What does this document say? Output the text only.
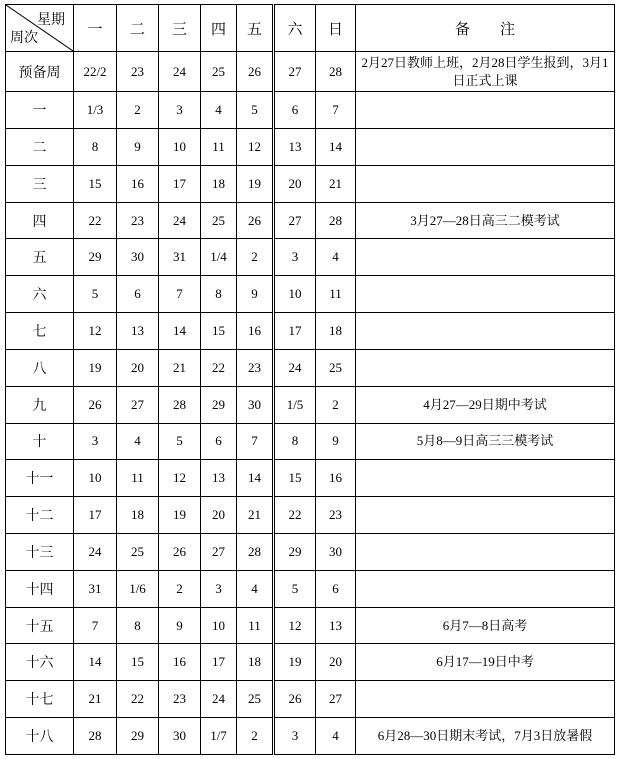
星期
周次	一	二	三	四	五	六	日	备　　注
预备周	22/2	23	24	25	26	27	28	2月27日教师上班，2月28日学生报到，3月1日正式上课
一	1/3	2	3	4	5	6	7	
二	8	9	10	11	12	13	14	
三	15	16	17	18	19	20	21	
四	22	23	24	25	26	27	28	3月27—28日高三二模考试
五	29	30	31	1/4	2	3	4	
六	5	6	7	8	9	10	11	
七	12	13	14	15	16	17	18	
八	19	20	21	22	23	24	25	
九	26	27	28	29	30	1/5	2	4月27—29日期中考试
十	3	4	5	6	7	8	9	5月8—9日高三三模考试
十一	10	11	12	13	14	15	16	
十二	17	18	19	20	21	22	23	
十三	24	25	26	27	28	29	30	
十四	31	1/6	2	3	4	5	6	
十五	7	8	9	10	11	12	13	6月7—8日高考
十六	14	15	16	17	18	19	20	6月17—19日中考
十七	21	22	23	24	25	26	27	
十八	28	29	30	1/7	2	3	4	6月28—30日期末考试，7月3日放暑假
